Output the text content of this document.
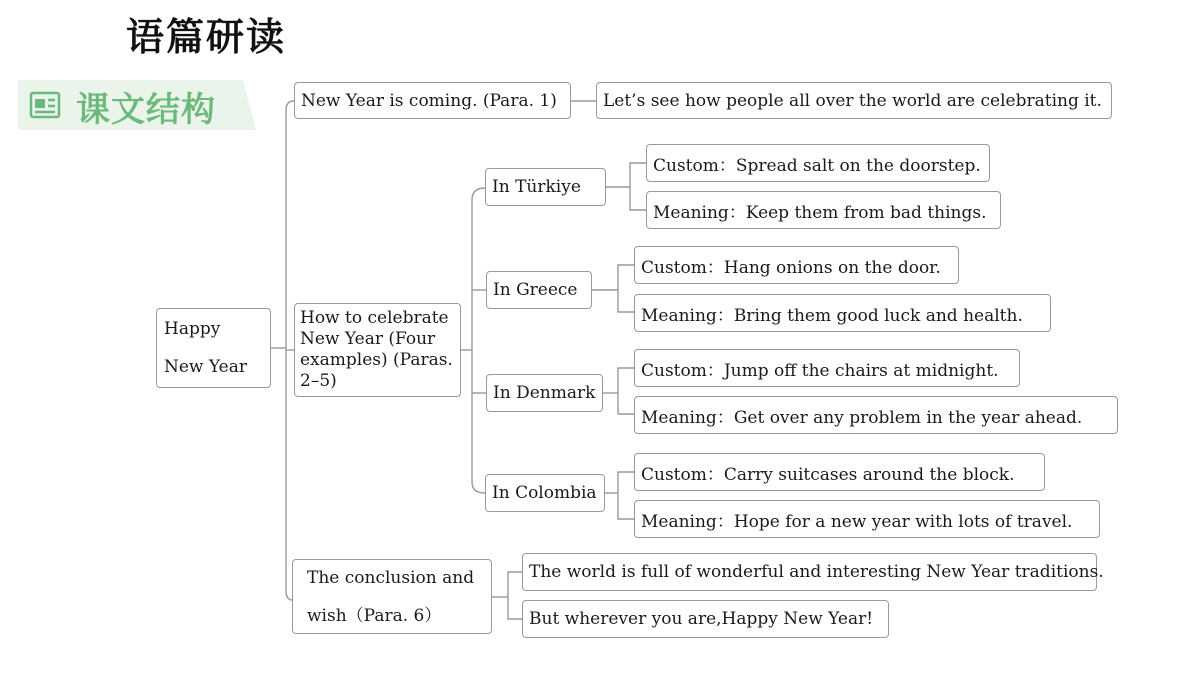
语篇研读
课文结构
Happy New Year
New Year is coming. (Para. 1)	Let’s see how people all over the world are celebrating it.
How to celebrate New Year (Four examples) (Paras. 2–5)
In Türkiye
Custom：Spread salt on the doorstep.
Meaning：Keep them from bad things.
In Greece
Custom：Hang onions on the door.
Meaning：Bring them good luck and health.
In Denmark
Custom：Jump off the chairs at midnight.
Meaning：Get over any problem in the year ahead.
In Colombia
Custom：Carry suitcases around the block.
Meaning：Hope for a new year with lots of travel.
The conclusion and wish（Para. 6）
The world is full of wonderful and interesting New Year traditions.
But wherever you are,Happy New Year!
